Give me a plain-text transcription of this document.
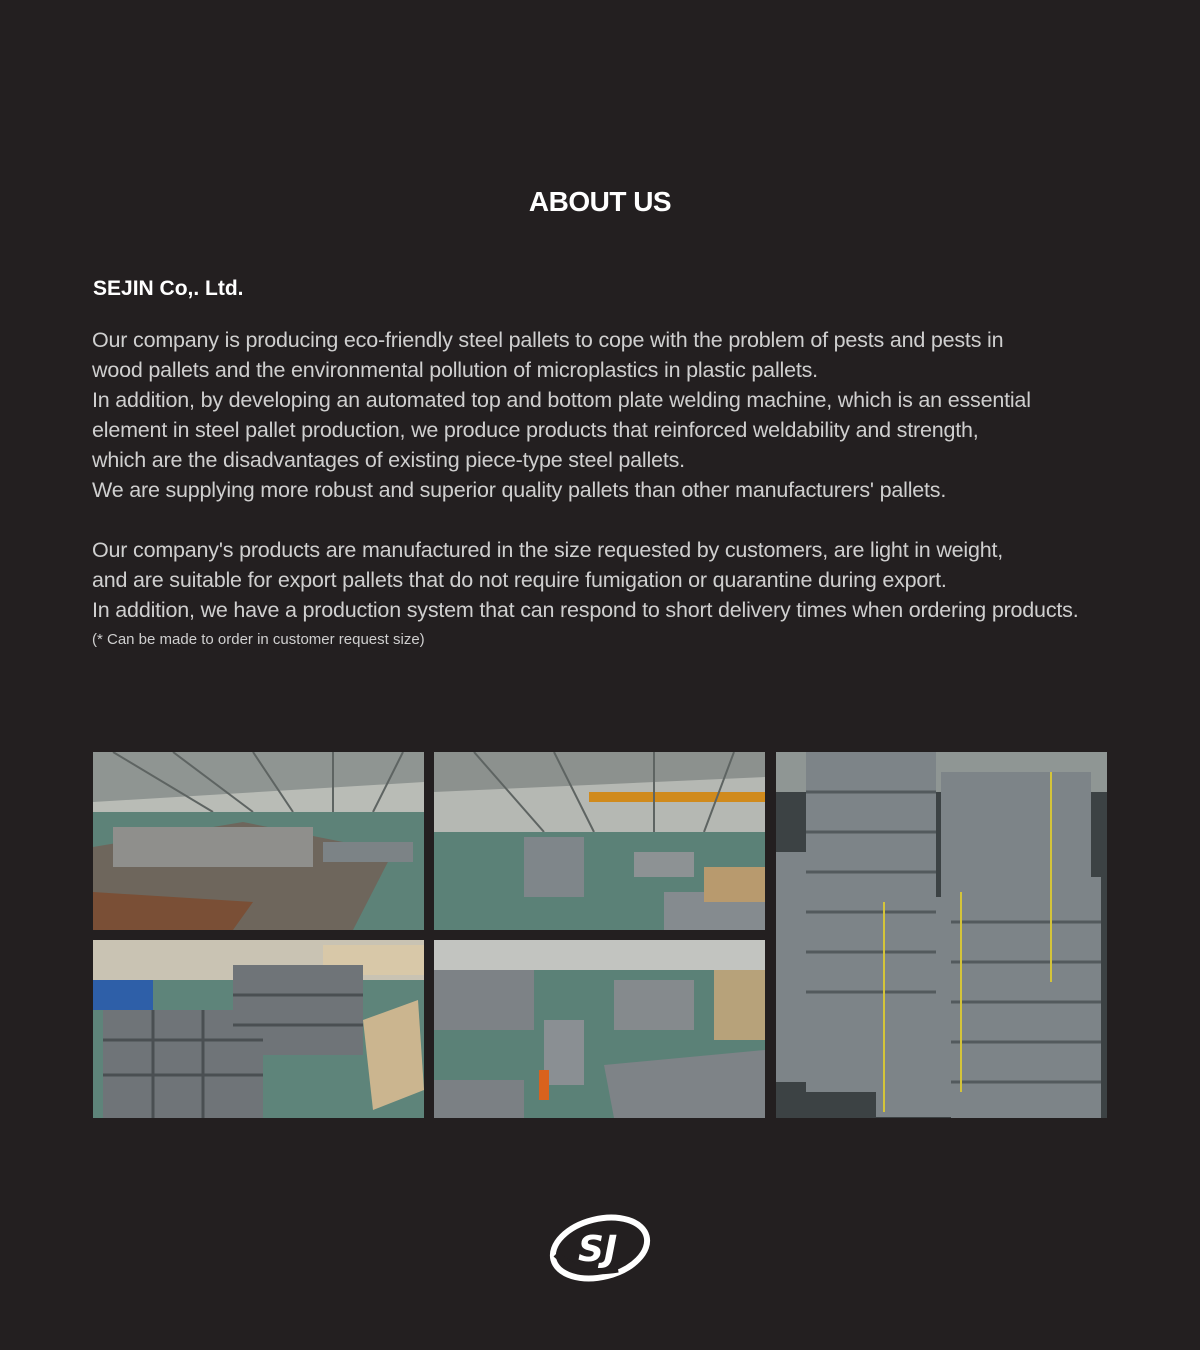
ABOUT US
SEJIN Co,. Ltd.

Our company is producing eco-friendly steel pallets to cope with the problem of pests and pests in
wood pallets and the environmental pollution of microplastics in plastic pallets.
In addition, by developing an automated top and bottom plate welding machine, which is an essential
element in steel pallet production, we produce products that reinforced weldability and strength,
which are the disadvantages of existing piece-type steel pallets.
We are supplying more robust and superior quality pallets than other manufacturers' pallets.

Our company's products are manufactured in the size requested by customers, are light in weight,
and are suitable for export pallets that do not require fumigation or quarantine during export.
In addition, we have a production system that can respond to short delivery times when ordering products.

(* Can be made to order in customer request size)

SJ
